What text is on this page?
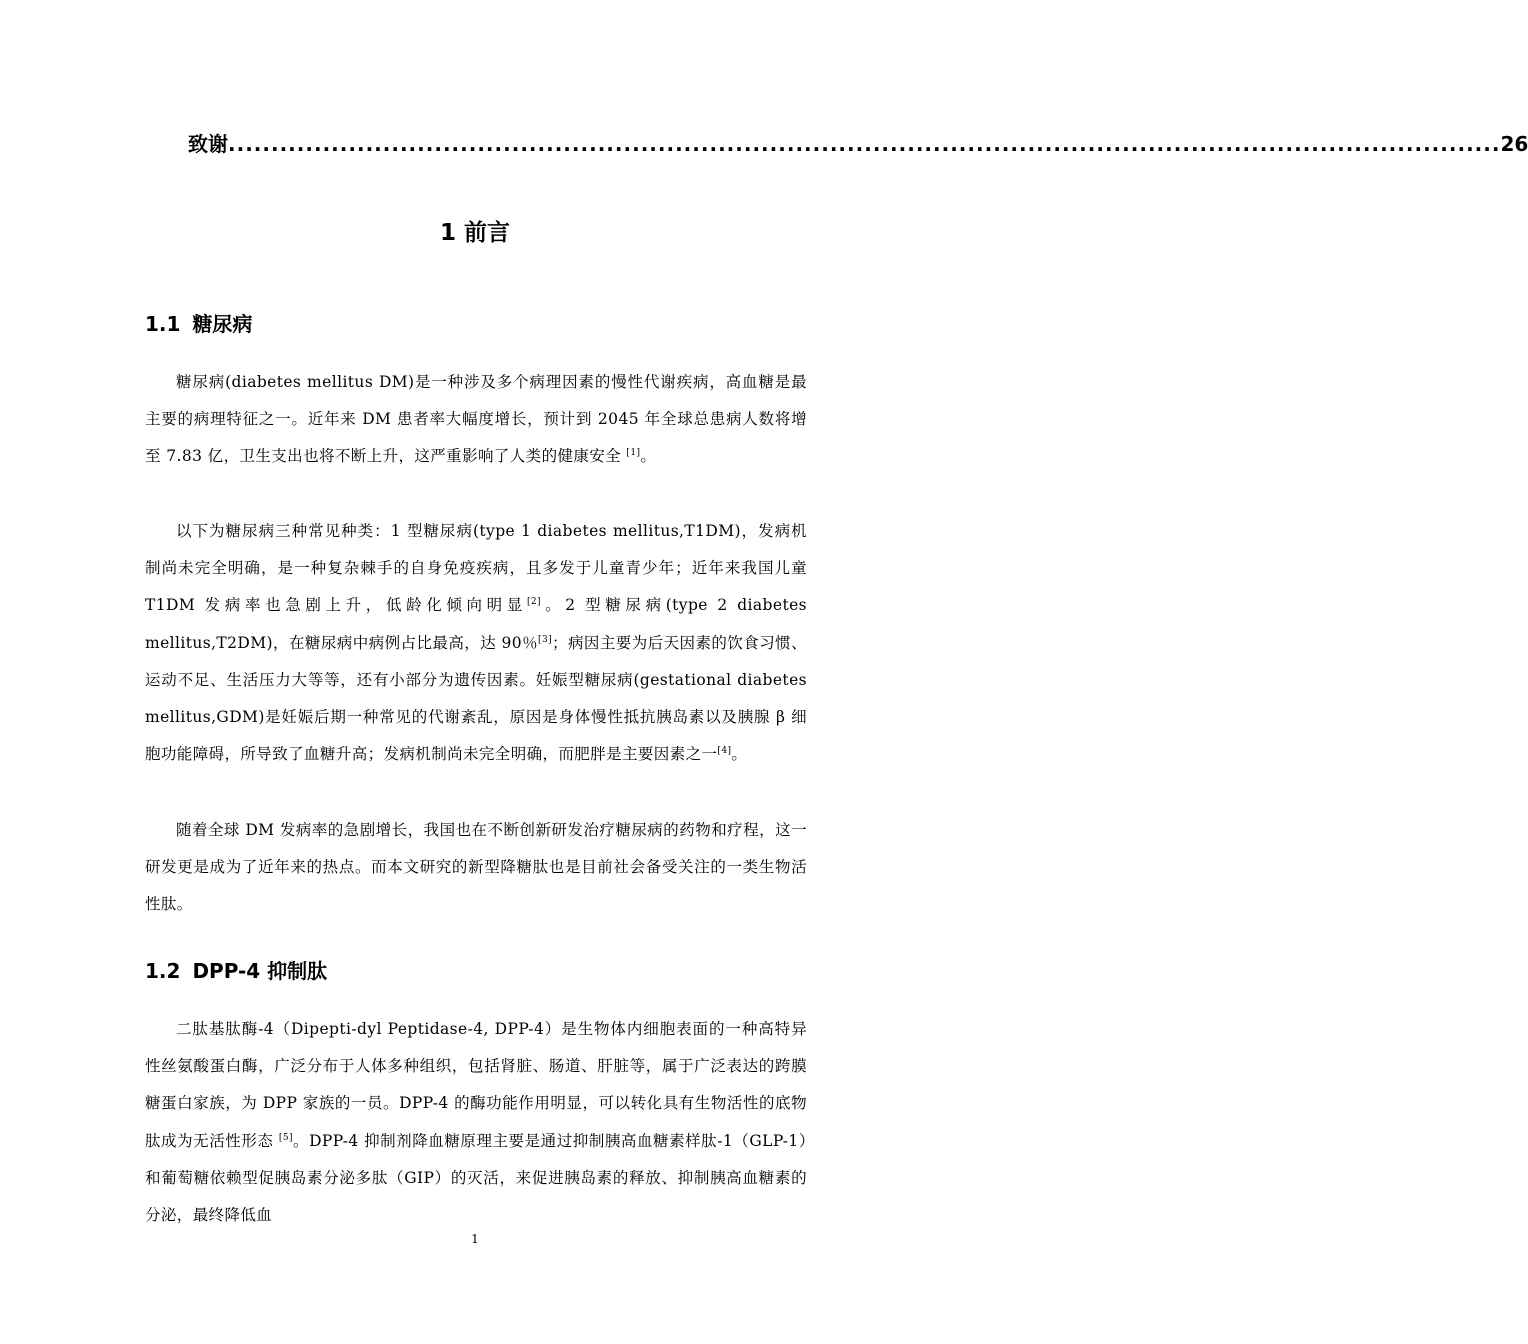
致谢 .................................................................................................................................................... 26
1 前言
1.1 糖尿病

糖尿病(diabetes mellitus DM)是一种涉及多个病理因素的慢性代谢疾病，高血糖是最主要的病理特征之一。近年来 DM 患者率大幅度增长，预计到 2045 年全球总患病人数将增至 7.83 亿，卫生支出也将不断上升，这严重影响了人类的健康安全 [1]。

以下为糖尿病三种常见种类：1 型糖尿病(type 1 diabetes mellitus,T1DM)，发病机制尚未完全明确，是一种复杂棘手的自身免疫疾病，且多发于儿童青少年；近年来我国儿童 T1DM 发病率也急剧上升，低龄化倾向明显[2]。2 型糖尿病(type 2 diabetes mellitus,T2DM)，在糖尿病中病例占比最高，达 90％[3]；病因主要为后天因素的饮食习惯、运动不足、生活压力大等等，还有小部分为遗传因素。妊娠型糖尿病(gestational diabetes mellitus,GDM)是妊娠后期一种常见的代谢紊乱，原因是身体慢性抵抗胰岛素以及胰腺 β 细胞功能障碍，所导致了血糖升高；发病机制尚未完全明确，而肥胖是主要因素之一[4]。

随着全球 DM 发病率的急剧增长，我国也在不断创新研发治疗糖尿病的药物和疗程，这一研发更是成为了近年来的热点。而本文研究的新型降糖肽也是目前社会备受关注的一类生物活性肽。

1.2 DPP-4 抑制肽

二肽基肽酶-4（Dipepti-dyl Peptidase-4, DPP-4）是生物体内细胞表面的一种高特异性丝氨酸蛋白酶，广泛分布于人体多种组织，包括肾脏、肠道、肝脏等，属于广泛表达的跨膜糖蛋白家族，为 DPP 家族的一员。DPP-4 的酶功能作用明显，可以转化具有生物活性的底物肽成为无活性形态 [5]。DPP-4 抑制剂降血糖原理主要是通过抑制胰高血糖素样肽-1（GLP-1）和葡萄糖依赖型促胰岛素分泌多肽（GIP）的灭活，来促进胰岛素的释放、抑制胰高血糖素的分泌，最终降低血

1
